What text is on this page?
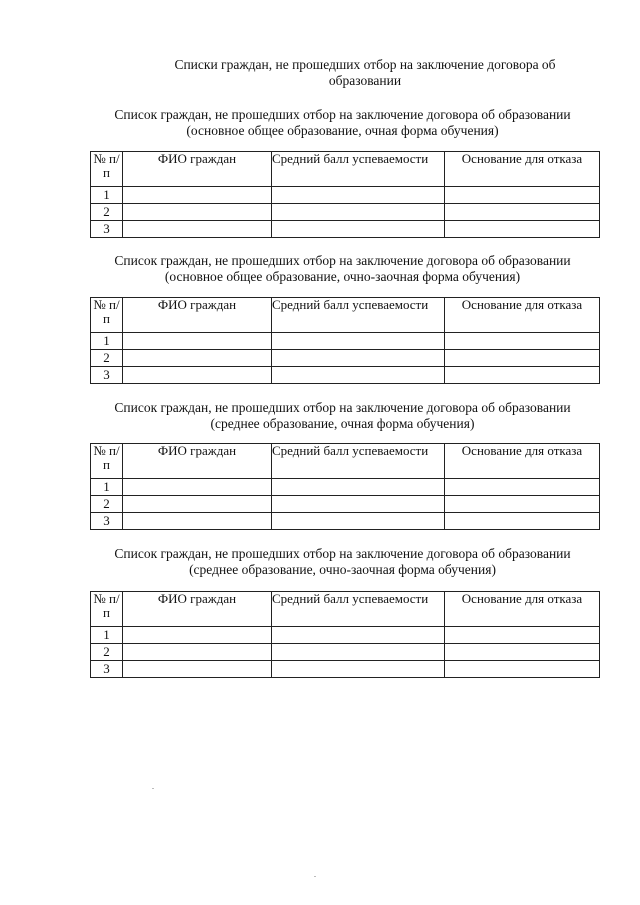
Списки граждан, не прошедших отбор на заключение договора об образовании
Список граждан, не прошедших отбор на заключение договора об образовании
(основное общее образование, очная форма обучения)
№ п/п	ФИО граждан	Средний балл успеваемости	Основание для отказа
1			
2			
3			
Список граждан, не прошедших отбор на заключение договора об образовании
(основное общее образование, очно-заочная форма обучения)
№ п/п	ФИО граждан	Средний балл успеваемости	Основание для отказа
1			
2			
3			
Список граждан, не прошедших отбор на заключение договора об образовании
(среднее образование, очная форма обучения)
№ п/п	ФИО граждан	Средний балл успеваемости	Основание для отказа
1			
2			
3			
Список граждан, не прошедших отбор на заключение договора об образовании
(среднее образование, очно-заочная форма обучения)
№ п/п	ФИО граждан	Средний балл успеваемости	Основание для отказа
1			
2			
3			
